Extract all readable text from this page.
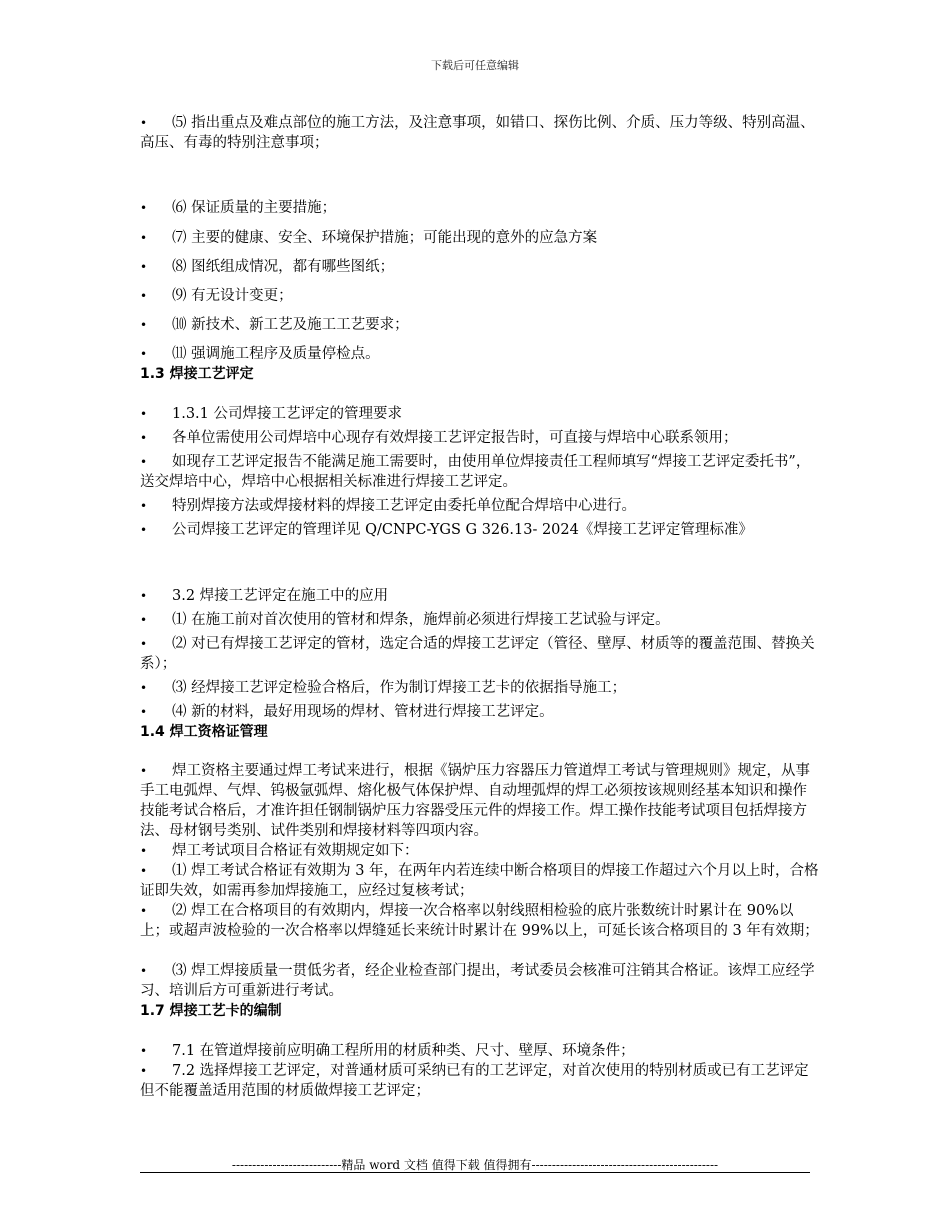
下载后可任意编辑
•	⑸ 指出重点及难点部位的施工方法，及注意事项，如错口、探伤比例、介质、压力等级、特别高温、高压、有毒的特别注意事项；
•	⑹ 保证质量的主要措施；
•	⑺ 主要的健康、安全、环境保护措施；可能出现的意外的应急方案
•	⑻ 图纸组成情况，都有哪些图纸；
•	⑼ 有无设计变更；
•	⑽ 新技术、新工艺及施工工艺要求；
•	⑾ 强调施工程序及质量停检点。
1.3 焊接工艺评定
•	1.3.1 公司焊接工艺评定的管理要求
•	各单位需使用公司焊培中心现存有效焊接工艺评定报告时，可直接与焊培中心联系领用；
•	如现存工艺评定报告不能满足施工需要时，由使用单位焊接责任工程师填写“焊接工艺评定委托书”，送交焊培中心，焊培中心根据相关标准进行焊接工艺评定。
•	特别焊接方法或焊接材料的焊接工艺评定由委托单位配合焊培中心进行。
•	公司焊接工艺评定的管理详见 Q/CNPC-YGS G 326.13- 2024《焊接工艺评定管理标准》
•	3.2 焊接工艺评定在施工中的应用
•	⑴ 在施工前对首次使用的管材和焊条，施焊前必须进行焊接工艺试验与评定。
•	⑵ 对已有焊接工艺评定的管材，选定合适的焊接工艺评定（管径、壁厚、材质等的覆盖范围、替换关系）；
•	⑶ 经焊接工艺评定检验合格后，作为制订焊接工艺卡的依据指导施工；
•	⑷ 新的材料，最好用现场的焊材、管材进行焊接工艺评定。
1.4 焊工资格证管理
•	焊工资格主要通过焊工考试来进行，根据《锅炉压力容器压力管道焊工考试与管理规则》规定，从事手工电弧焊、气焊、钨极氩弧焊、熔化极气体保护焊、自动埋弧焊的焊工必须按该规则经基本知识和操作技能考试合格后，才准许担任钢制锅炉压力容器受压元件的焊接工作。焊工操作技能考试项目包括焊接方法、母材钢号类别、试件类别和焊接材料等四项内容。
•	焊工考试项目合格证有效期规定如下：
•	⑴ 焊工考试合格证有效期为 3 年，在两年内若连续中断合格项目的焊接工作超过六个月以上时，合格证即失效，如需再参加焊接施工，应经过复核考试；
•	⑵ 焊工在合格项目的有效期内，焊接一次合格率以射线照相检验的底片张数统计时累计在 90%以上；或超声波检验的一次合格率以焊缝延长来统计时累计在 99%以上，可延长该合格项目的 3 年有效期；
•	⑶ 焊工焊接质量一贯低劣者，经企业检查部门提出，考试委员会核准可注销其合格证。该焊工应经学习、培训后方可重新进行考试。
1.7 焊接工艺卡的编制
•	7.1 在管道焊接前应明确工程所用的材质种类、尺寸、壁厚、环境条件；
•	7.2 选择焊接工艺评定，对普通材质可采纳已有的工艺评定，对首次使用的特别材质或已有工艺评定但不能覆盖适用范围的材质做焊接工艺评定；
---------------------------精品 word 文档 值得下载 值得拥有----------------------------------------------
